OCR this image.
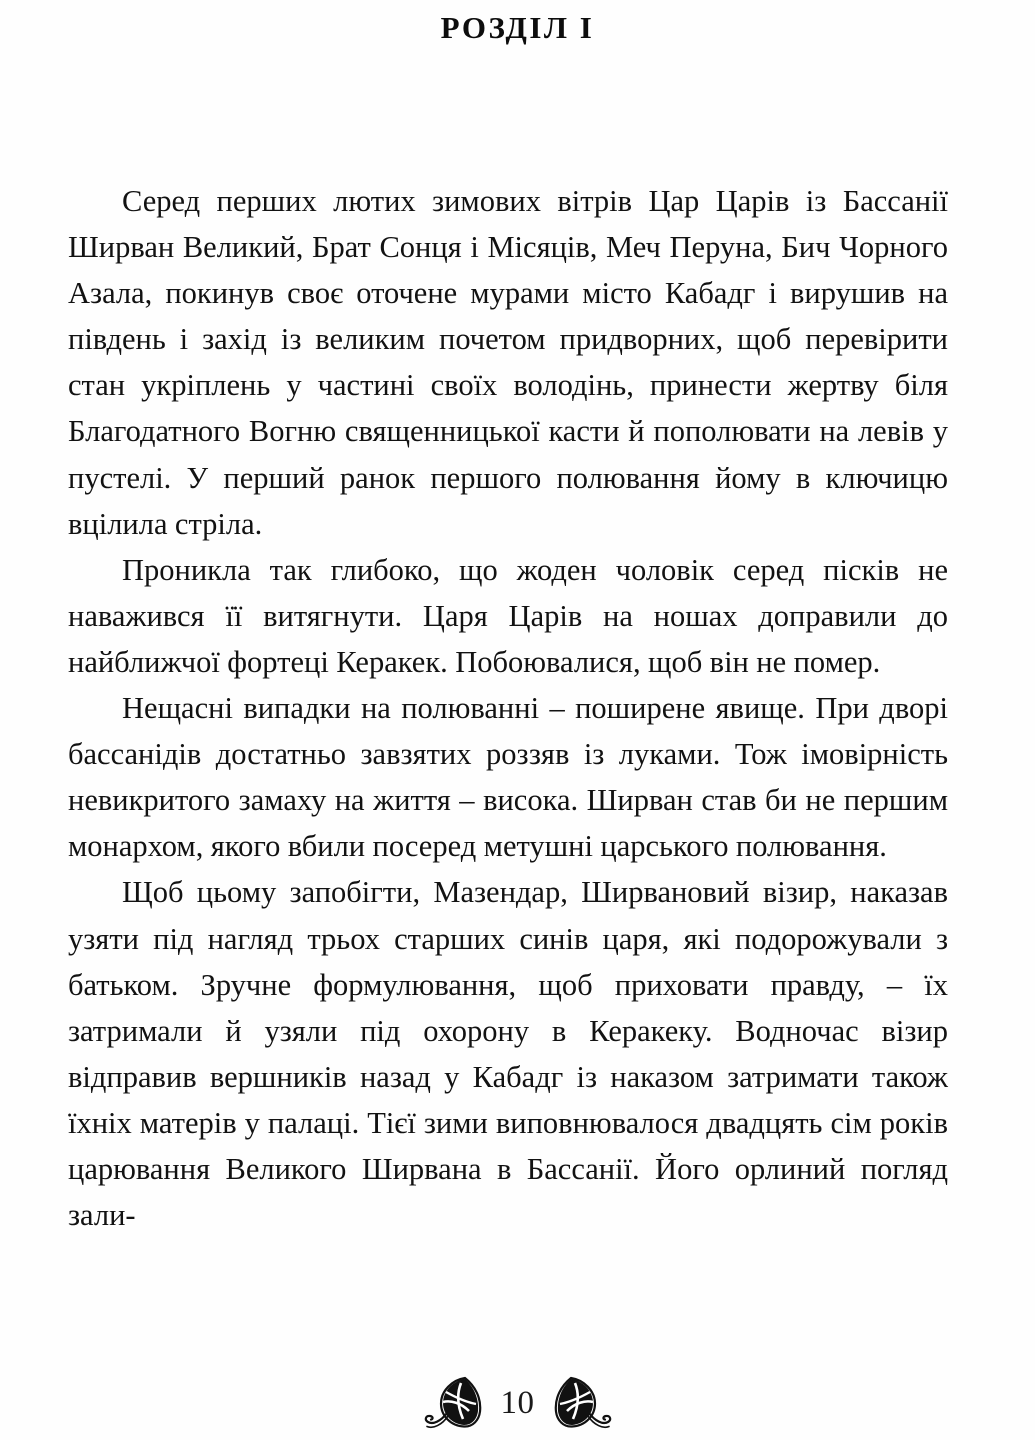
РОЗДІЛ I

Серед перших лютих зимових вітрів Цар Царів із Бассанії Ширван Великий, Брат Сонця і Місяців, Меч Перуна, Бич Чорного Азала, покинув своє оточене мурами місто Кабадг і вирушив на південь і захід із великим почетом придворних, щоб перевірити стан укріплень у частині своїх володінь, принести жертву біля Благодатного Вогню священницької касти й пополювати на левів у пустелі. У перший ранок першого полювання йому в ключицю вцілила стріла.

Проникла так глибоко, що жоден чоловік серед пісків не наважився її витягнути. Царя Царів на ношах доправили до найближчої фортеці Керакек. Побоювалися, щоб він не помер.

Нещасні випадки на полюванні – поширене явище. При дворі бассанідів достатньо завзятих роззяв із луками. Тож імовірність невикритого замаху на життя – висока. Ширван став би не першим монархом, якого вбили посеред метушні царського полювання.

Щоб цьому запобігти, Мазендар, Ширвановий візир, наказав узяти під нагляд трьох старших синів царя, які подорожували з батьком. Зручне формулювання, щоб приховати правду, – їх затримали й узяли під охорону в Керакеку. Водночас візир відправив вершників назад у Кабадг із наказом затримати також їхніх матерів у палаці. Тієї зими виповнювалося двадцять сім років царювання Великого Ширвана в Бассанії. Його орлиний погляд зали-

10
